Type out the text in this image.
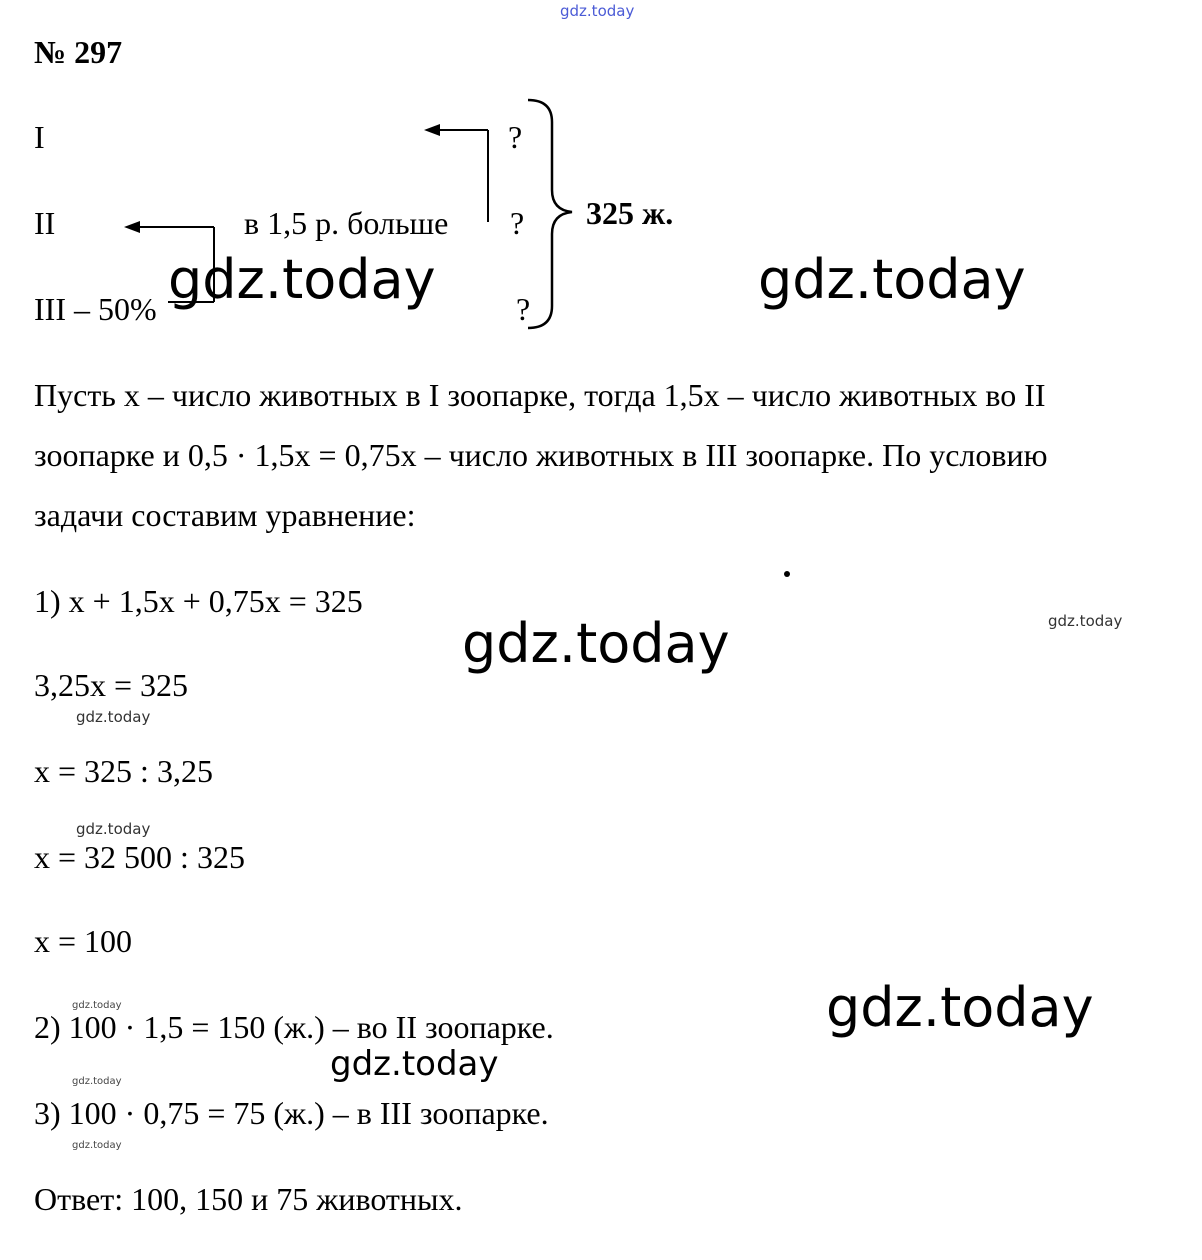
gdz.today
№ 297
I
II
III – 50%
в 1,5 р. больше
?
?
?
325 ж.
gdz.today	gdz.today
Пусть х – число животных в I зоопарке, тогда 1,5х – число животных во II
зоопарке и 0,5 · 1,5х = 0,75х – число животных в III зоопарке. По условию
задачи составим уравнение:
1) х + 1,5х + 0,75х = 325
gdz.today	gdz.today
3,25х = 325
gdz.today
х = 325 : 3,25
gdz.today
х = 32 500 : 325
х = 100
gdz.today
gdz.today
2) 100 · 1,5 = 150 (ж.) – во II зоопарке.
gdz.today
gdz.today
3) 100 · 0,75 = 75 (ж.) – в III зоопарке.
gdz.today
Ответ: 100, 150 и 75 животных.
